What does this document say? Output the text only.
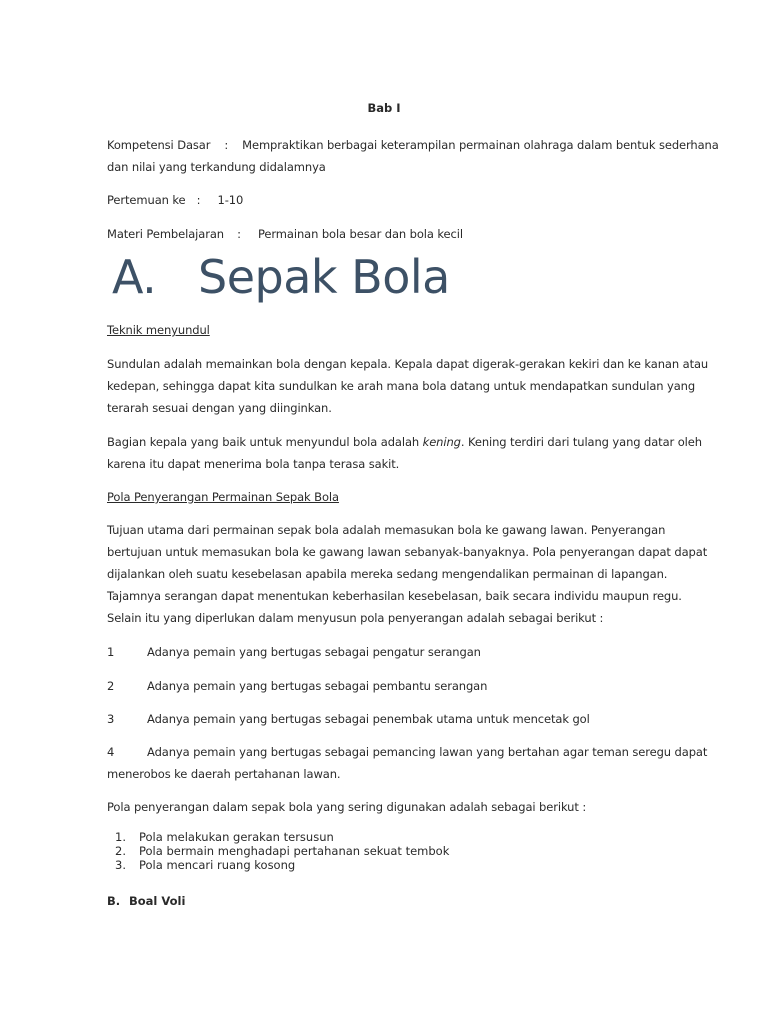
Bab I
Kompetensi Dasar : Mempraktikan berbagai keterampilan permainan olahraga dalam bentuk sederhana
dan nilai yang terkandung didalamnya
Pertemuan ke : 1-10
Materi Pembelajaran : Permainan bola besar dan bola kecil
A. Sepak Bola
Teknik menyundul
Sundulan adalah memainkan bola dengan kepala. Kepala dapat digerak-gerakan kekiri dan ke kanan atau
kedepan, sehingga dapat kita sundulkan ke arah mana bola datang untuk mendapatkan sundulan yang
terarah sesuai dengan yang diinginkan.
Bagian kepala yang baik untuk menyundul bola adalah kening. Kening terdiri dari tulang yang datar oleh
karena itu dapat menerima bola tanpa terasa sakit.
Pola Penyerangan Permainan Sepak Bola
Tujuan utama dari permainan sepak bola adalah memasukan bola ke gawang lawan. Penyerangan
bertujuan untuk memasukan bola ke gawang lawan sebanyak-banyaknya. Pola penyerangan dapat dapat
dijalankan oleh suatu kesebelasan apabila mereka sedang mengendalikan permainan di lapangan.
Tajamnya serangan dapat menentukan keberhasilan kesebelasan, baik secara individu maupun regu.
Selain itu yang diperlukan dalam menyusun pola penyerangan adalah sebagai berikut :
1	Adanya pemain yang bertugas sebagai pengatur serangan
2	Adanya pemain yang bertugas sebagai pembantu serangan
3	Adanya pemain yang bertugas sebagai penembak utama untuk mencetak gol
4	Adanya pemain yang bertugas sebagai pemancing lawan yang bertahan agar teman seregu dapat
menerobos ke daerah pertahanan lawan.
Pola penyerangan dalam sepak bola yang sering digunakan adalah sebagai berikut :
1. Pola melakukan gerakan tersusun
2. Pola bermain menghadapi pertahanan sekuat tembok
3. Pola mencari ruang kosong
B. Boal Voli
